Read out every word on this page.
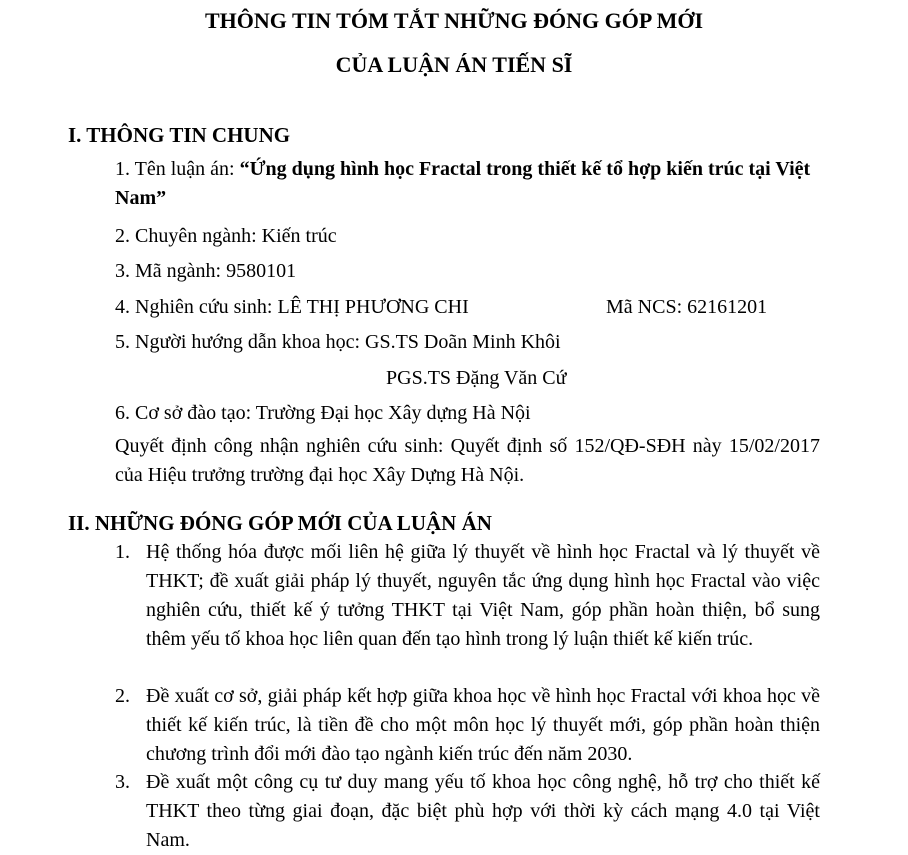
THÔNG TIN TÓM TẮT NHỮNG ĐÓNG GÓP MỚI
CỦA LUẬN ÁN TIẾN SĨ
I. THÔNG TIN CHUNG
1. Tên luận án: “Ứng dụng hình học Fractal trong thiết kế tổ hợp kiến trúc tại Việt Nam”
2. Chuyên ngành: Kiến trúc
3. Mã ngành: 9580101
4. Nghiên cứu sinh: LÊ THỊ PHƯƠNG CHI	Mã NCS: 62161201
5. Người hướng dẫn khoa học: GS.TS Doãn Minh Khôi
PGS.TS Đặng Văn Cứ
6. Cơ sở đào tạo: Trường Đại học Xây dựng Hà Nội
Quyết định công nhận nghiên cứu sinh: Quyết định số 152/QĐ-SĐH này 15/02/2017 của Hiệu trưởng trường đại học Xây Dựng Hà Nội.
II. NHỮNG ĐÓNG GÓP MỚI CỦA LUẬN ÁN
1. Hệ thống hóa được mối liên hệ giữa lý thuyết về hình học Fractal và lý thuyết về THKT; đề xuất giải pháp lý thuyết, nguyên tắc ứng dụng hình học Fractal vào việc nghiên cứu, thiết kế ý tưởng THKT tại Việt Nam, góp phần hoàn thiện, bổ sung thêm yếu tố khoa học liên quan đến tạo hình trong lý luận thiết kế kiến trúc.
2. Đề xuất cơ sở, giải pháp kết hợp giữa khoa học về hình học Fractal với khoa học về thiết kế kiến trúc, là tiền đề cho một môn học lý thuyết mới, góp phần hoàn thiện chương trình đổi mới đào tạo ngành kiến trúc đến năm 2030.
3. Đề xuất một công cụ tư duy mang yếu tố khoa học công nghệ, hỗ trợ cho thiết kế THKT theo từng giai đoạn, đặc biệt phù hợp với thời kỳ cách mạng 4.0 tại Việt Nam.
